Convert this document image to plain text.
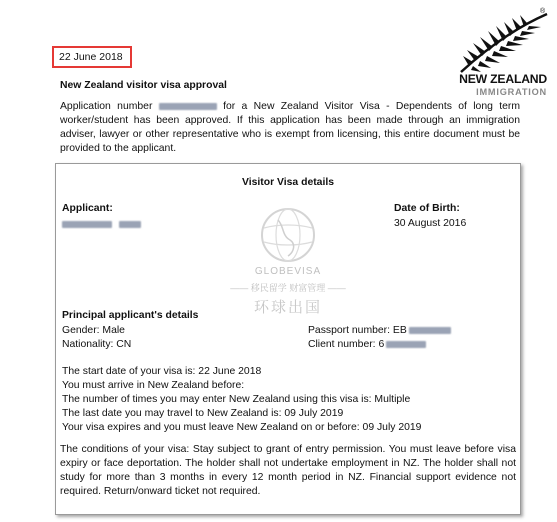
22 June 2018
®
NEW ZEALAND
IMMIGRATION
New Zealand visitor visa approval
Application number	for a New Zealand Visitor Visa - Dependents of long term worker/student has been approved. If this application has been made through an immigration adviser, lawyer or other representative who is exempt from licensing, this entire document must be provided to the applicant.
Visitor Visa details
Applicant:
	Date of Birth:
30 August 2016
GLOBEVISA
—— 移民留学 财富管理 ——
环球出国
Principal applicant's details
Gender: Male
Nationality: CN
Passport number: EB
Client number: 6
The start date of your visa is: 22 June 2018
You must arrive in New Zealand before:
The number of times you may enter New Zealand using this visa is: Multiple
The last date you may travel to New Zealand is: 09 July 2019
Your visa expires and you must leave New Zealand on or before: 09 July 2019
The conditions of your visa: Stay subject to grant of entry permission. You must leave before visa expiry or face deportation. The holder shall not undertake employment in NZ. The holder shall not study for more than 3 months in every 12 month period in NZ. Financial support evidence not required. Return/onward ticket not required.
